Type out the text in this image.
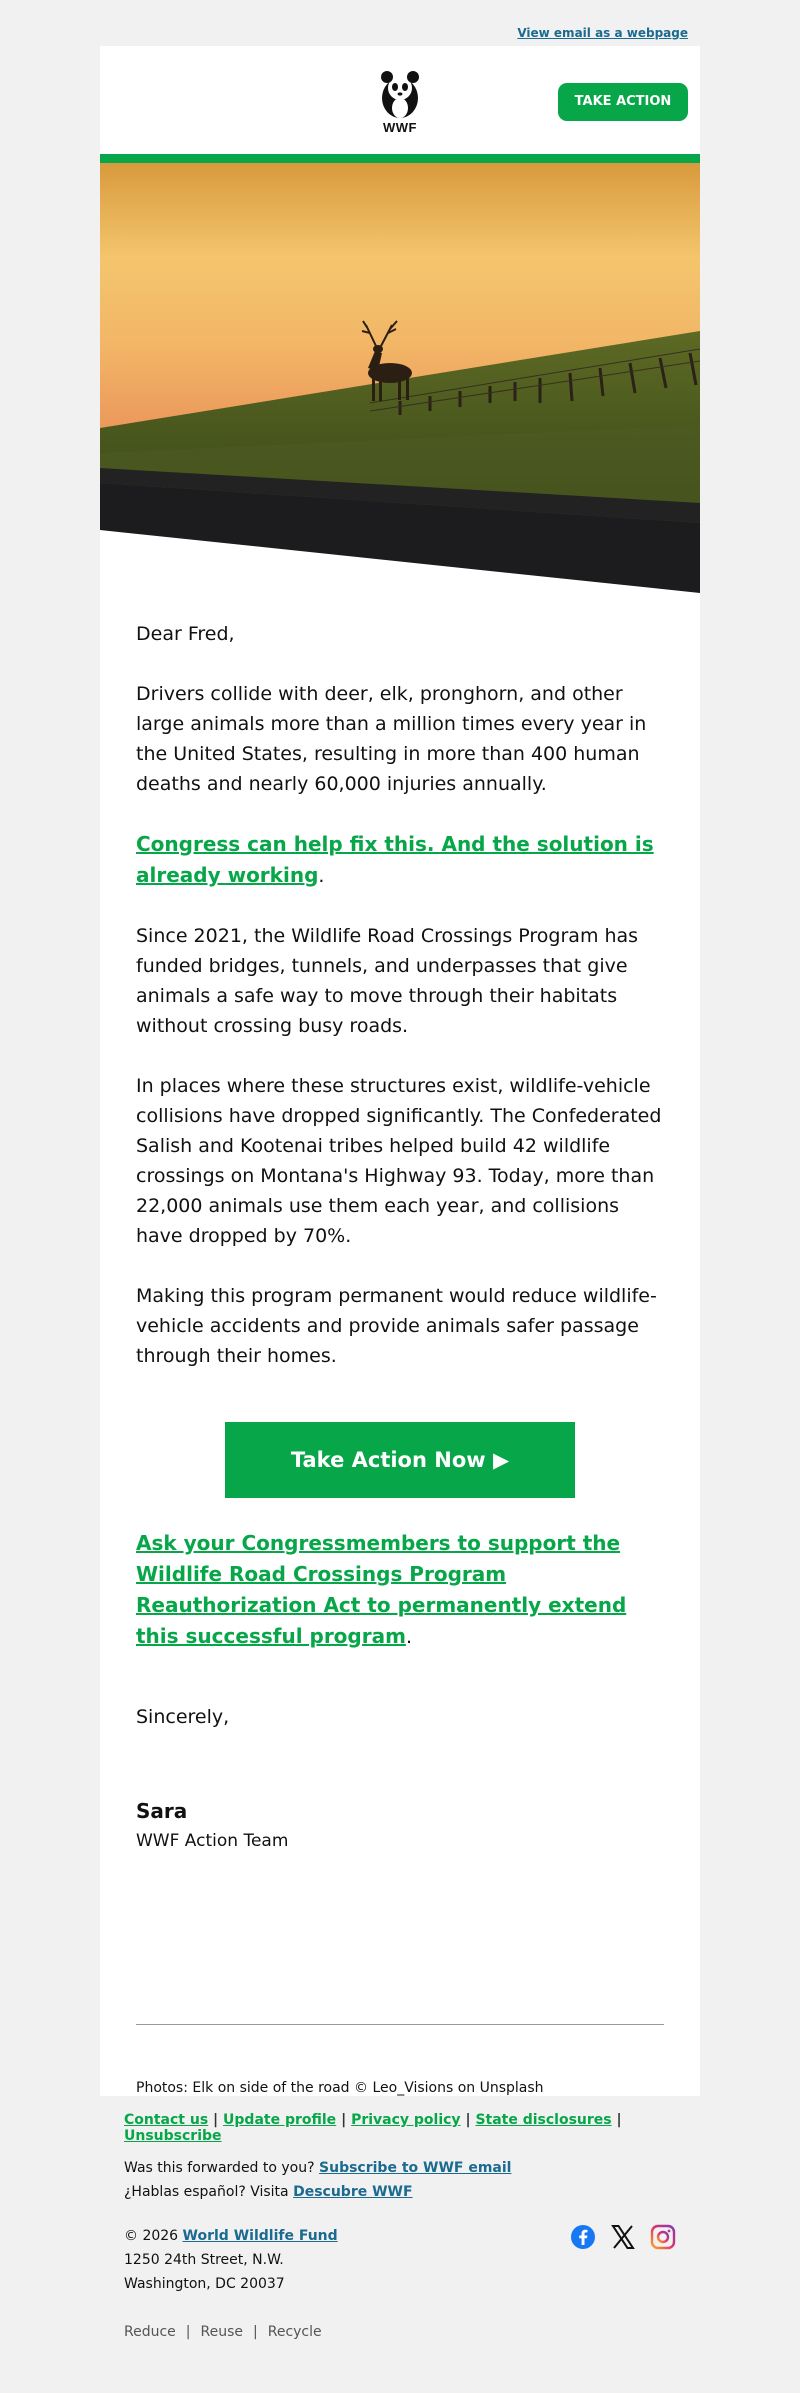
View email as a webpage
WWF
TAKE ACTION

Dear Fred,

Drivers collide with deer, elk, pronghorn, and other large animals more than a million times every year in the United States, resulting in more than 400 human deaths and nearly 60,000 injuries annually.

Congress can help fix this. And the solution is already working.

Since 2021, the Wildlife Road Crossings Program has funded bridges, tunnels, and underpasses that give animals a safe way to move through their habitats without crossing busy roads.

In places where these structures exist, wildlife-vehicle collisions have dropped significantly. The Confederated Salish and Kootenai tribes helped build 42 wildlife crossings on Montana's Highway 93. Today, more than 22,000 animals use them each year, and collisions have dropped by 70%.

Making this program permanent would reduce wildlife-vehicle accidents and provide animals safer passage through their homes.

Take Action Now ▶

Ask your Congressmembers to support the Wildlife Road Crossings Program Reauthorization Act to permanently extend this successful program.

Sincerely,

Sara
WWF Action Team
Photos: Elk on side of the road © Leo_Visions on Unsplash
Contact us | Update profile | Privacy policy | State disclosures | Unsubscribe
Was this forwarded to you? Subscribe to WWF email
¿Hablas español? Visita Descubre WWF
© 2026 World Wildlife Fund
1250 24th Street, N.W.
Washington, DC 20037
Reduce | Reuse | Recycle
